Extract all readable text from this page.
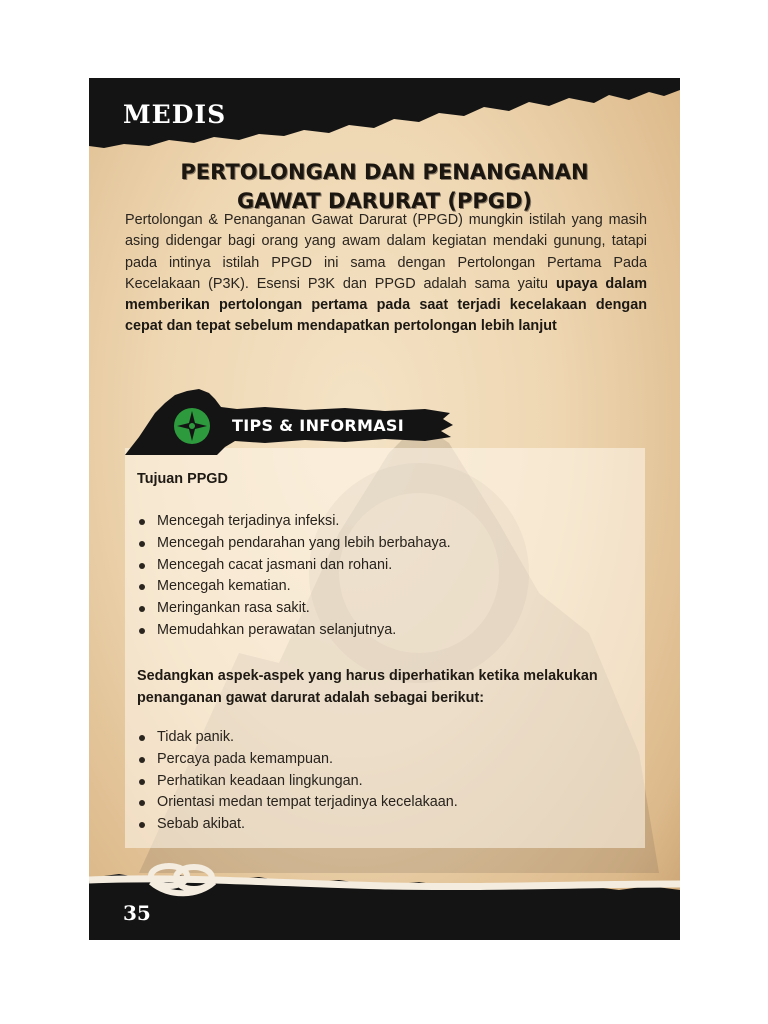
MEDIS
PERTOLONGAN DAN PENANGANAN
GAWAT DARURAT (PPGD)

Pertolongan & Penanganan Gawat Darurat (PPGD) mungkin istilah yang masih asing didengar bagi orang yang awam dalam kegiatan mendaki gunung, tatapi pada intinya istilah PPGD ini sama dengan Pertolongan Pertama Pada Kecelakaan (P3K). Esensi P3K dan PPGD adalah sama yaitu upaya dalam memberikan pertolongan pertama pada saat terjadi kecelakaan dengan cepat dan tepat sebelum mendapatkan pertolongan lebih lanjut

TIPS & INFORMASI

Tujuan PPGD

Mencegah terjadinya infeksi.
Mencegah pendarahan yang lebih berbahaya.
Mencegah cacat jasmani dan rohani.
Mencegah kematian.
Meringankan rasa sakit.
Memudahkan perawatan selanjutnya.

Sedangkan aspek-aspek yang harus diperhatikan ketika melakukan penanganan gawat darurat adalah sebagai berikut:

Tidak panik.
Percaya pada kemampuan.
Perhatikan keadaan lingkungan.
Orientasi medan tempat terjadinya kecelakaan.
Sebab akibat.

35
